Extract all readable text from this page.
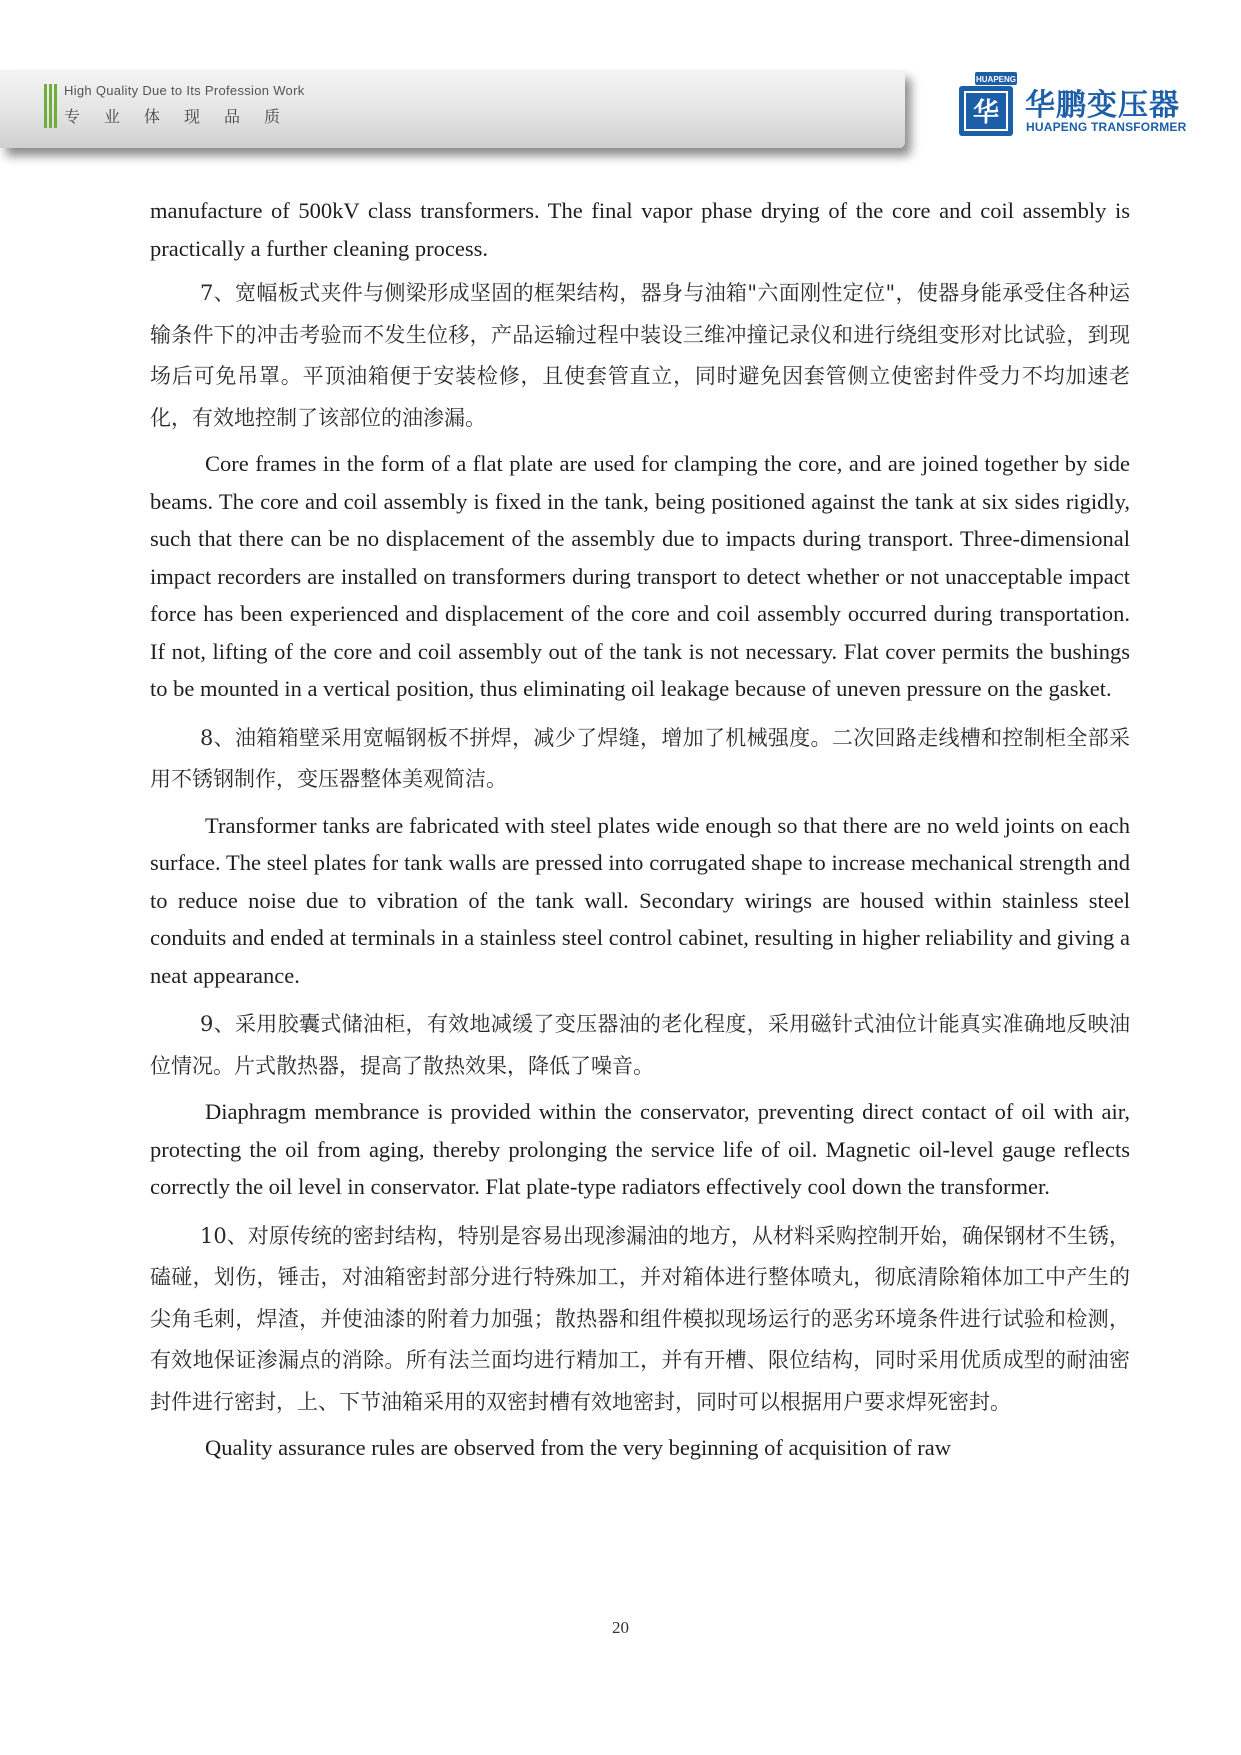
High Quality Due to Its Profession Work

专业体现品质

HUAPENG
华 华鹏变压器

HUAPENG TRANSFORMER

manufacture of 500kV class transformers. The final vapor phase drying of the core and coil assembly is practically a further cleaning process.

7、宽幅板式夹件与侧梁形成坚固的框架结构，器身与油箱"六面刚性定位"，使器身能承受住各种运输条件下的冲击考验而不发生位移，产品运输过程中装设三维冲撞记录仪和进行绕组变形对比试验，到现场后可免吊罩。平顶油箱便于安装检修，且使套管直立，同时避免因套管侧立使密封件受力不均加速老化，有效地控制了该部位的油渗漏。

Core frames in the form of a flat plate are used for clamping the core, and are joined together by side beams. The core and coil assembly is fixed in the tank, being positioned against the tank at six sides rigidly, such that there can be no displacement of the assembly due to impacts during transport. Three-dimensional impact recorders are installed on transformers during transport to detect whether or not unacceptable impact force has been experienced and displacement of the core and coil assembly occurred during transportation. If not, lifting of the core and coil assembly out of the tank is not necessary. Flat cover permits the bushings to be mounted in a vertical position, thus eliminating oil leakage because of uneven pressure on the gasket.

8、油箱箱壁采用宽幅钢板不拼焊，减少了焊缝，增加了机械强度。二次回路走线槽和控制柜全部采用不锈钢制作，变压器整体美观简洁。

Transformer tanks are fabricated with steel plates wide enough so that there are no weld joints on each surface. The steel plates for tank walls are pressed into corrugated shape to increase mechanical strength and to reduce noise due to vibration of the tank wall. Secondary wirings are housed within stainless steel conduits and ended at terminals in a stainless steel control cabinet, resulting in higher reliability and giving a neat appearance.

9、采用胶囊式储油柜，有效地减缓了变压器油的老化程度，采用磁针式油位计能真实准确地反映油位情况。片式散热器，提高了散热效果，降低了噪音。

Diaphragm membrance is provided within the conservator, preventing direct contact of oil with air, protecting the oil from aging, thereby prolonging the service life of oil. Magnetic oil-level gauge reflects correctly the oil level in conservator. Flat plate-type radiators effectively cool down the transformer.

10、对原传统的密封结构，特别是容易出现渗漏油的地方，从材料采购控制开始，确保钢材不生锈，磕碰，划伤，锤击，对油箱密封部分进行特殊加工，并对箱体进行整体喷丸，彻底清除箱体加工中产生的尖角毛刺，焊渣，并使油漆的附着力加强；散热器和组件模拟现场运行的恶劣环境条件进行试验和检测，有效地保证渗漏点的消除。所有法兰面均进行精加工，并有开槽、限位结构，同时采用优质成型的耐油密封件进行密封，上、下节油箱采用的双密封槽有效地密封，同时可以根据用户要求焊死密封。

Quality assurance rules are observed from the very beginning of acquisition of raw

20
